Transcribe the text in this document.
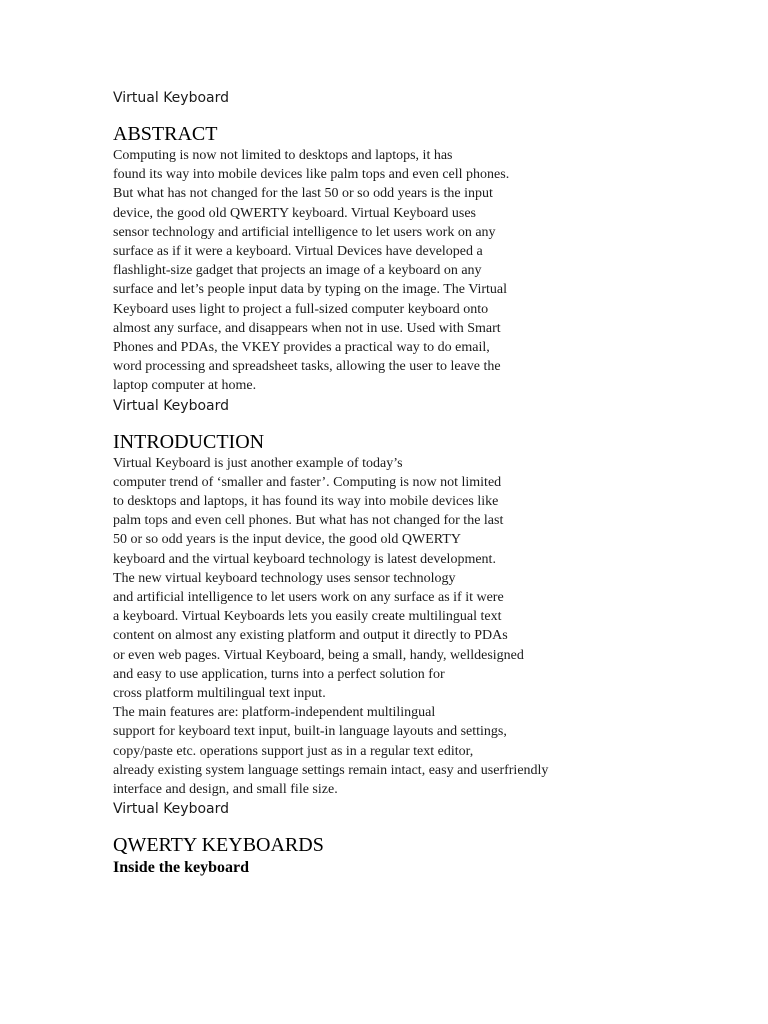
Virtual Keyboard

ABSTRACT
Computing is now not limited to desktops and laptops, it has
found its way into mobile devices like palm tops and even cell phones.
But what has not changed for the last 50 or so odd years is the input
device, the good old QWERTY keyboard. Virtual Keyboard uses
sensor technology and artificial intelligence to let users work on any
surface as if it were a keyboard. Virtual Devices have developed a
flashlight-size gadget that projects an image of a keyboard on any
surface and let’s people input data by typing on the image. The Virtual
Keyboard uses light to project a full-sized computer keyboard onto
almost any surface, and disappears when not in use. Used with Smart
Phones and PDAs, the VKEY provides a practical way to do email,
word processing and spreadsheet tasks, allowing the user to leave the
laptop computer at home.

Virtual Keyboard

INTRODUCTION
Virtual Keyboard is just another example of today’s
computer trend of ‘smaller and faster’. Computing is now not limited
to desktops and laptops, it has found its way into mobile devices like
palm tops and even cell phones. But what has not changed for the last
50 or so odd years is the input device, the good old QWERTY
keyboard and the virtual keyboard technology is latest development.
The new virtual keyboard technology uses sensor technology
and artificial intelligence to let users work on any surface as if it were
a keyboard. Virtual Keyboards lets you easily create multilingual text
content on almost any existing platform and output it directly to PDAs
or even web pages. Virtual Keyboard, being a small, handy, welldesigned
and easy to use application, turns into a perfect solution for
cross platform multilingual text input.
The main features are: platform-independent multilingual
support for keyboard text input, built-in language layouts and settings,
copy/paste etc. operations support just as in a regular text editor,
already existing system language settings remain intact, easy and userfriendly
interface and design, and small file size.

Virtual Keyboard

QWERTY KEYBOARDS

Inside the keyboard
